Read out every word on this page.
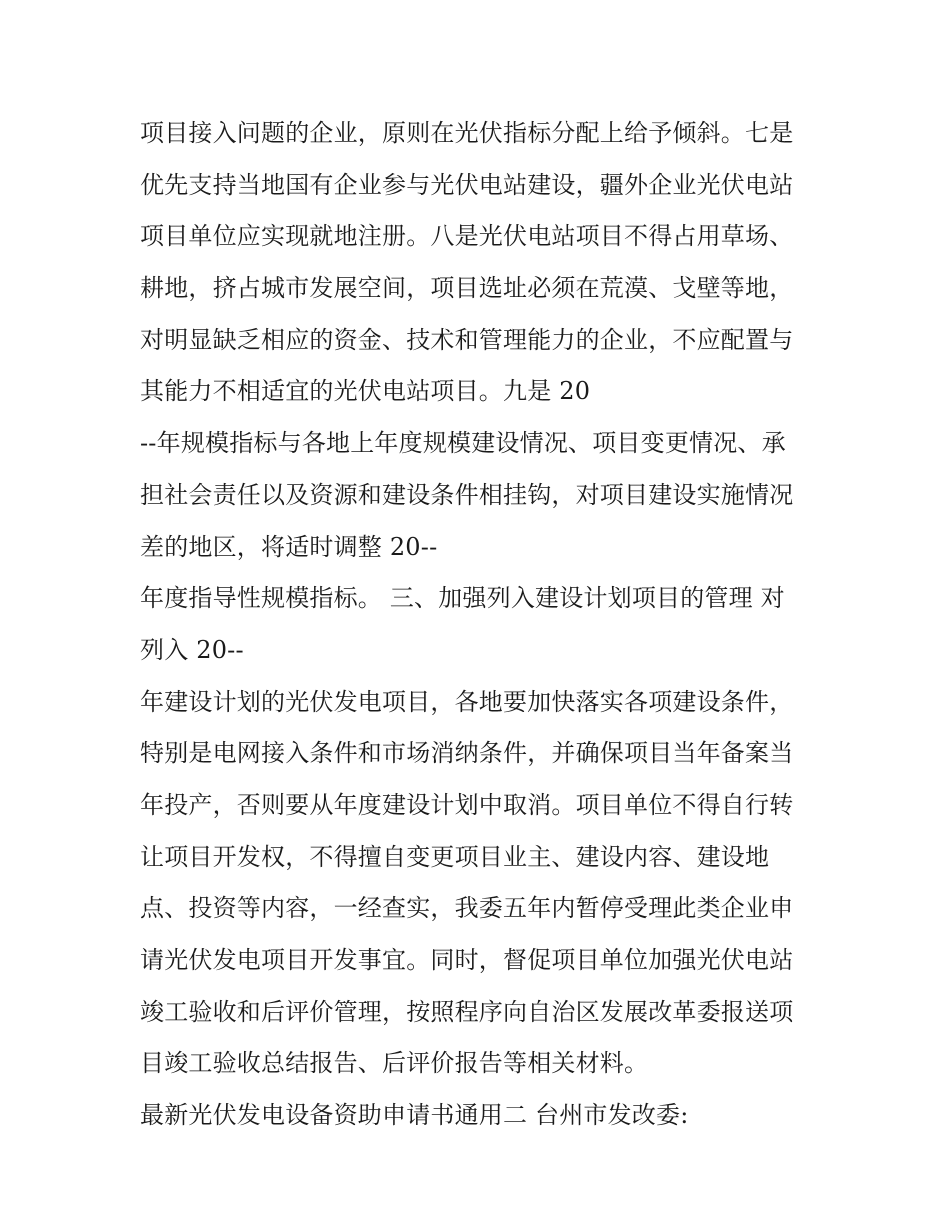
项目接入问题的企业，原则在光伏指标分配上给予倾斜。七是
优先支持当地国有企业参与光伏电站建设，疆外企业光伏电站
项目单位应实现就地注册。八是光伏电站项目不得占用草场、
耕地，挤占城市发展空间，项目选址必须在荒漠、戈壁等地，
对明显缺乏相应的资金、技术和管理能力的企业，不应配置与
其能力不相适宜的光伏电站项目。九是 20
--年规模指标与各地上年度规模建设情况、项目变更情况、承
担社会责任以及资源和建设条件相挂钩，对项目建设实施情况
差的地区，将适时调整 20--
年度指导性规模指标。 三、加强列入建设计划项目的管理 对
列入 20--
年建设计划的光伏发电项目，各地要加快落实各项建设条件，
特别是电网接入条件和市场消纳条件，并确保项目当年备案当
年投产，否则要从年度建设计划中取消。项目单位不得自行转
让项目开发权，不得擅自变更项目业主、建设内容、建设地
点、投资等内容，一经查实，我委五年内暂停受理此类企业申
请光伏发电项目开发事宜。同时，督促项目单位加强光伏电站
竣工验收和后评价管理，按照程序向自治区发展改革委报送项
目竣工验收总结报告、后评价报告等相关材料。
最新光伏发电设备资助申请书通用二 台州市发改委:
